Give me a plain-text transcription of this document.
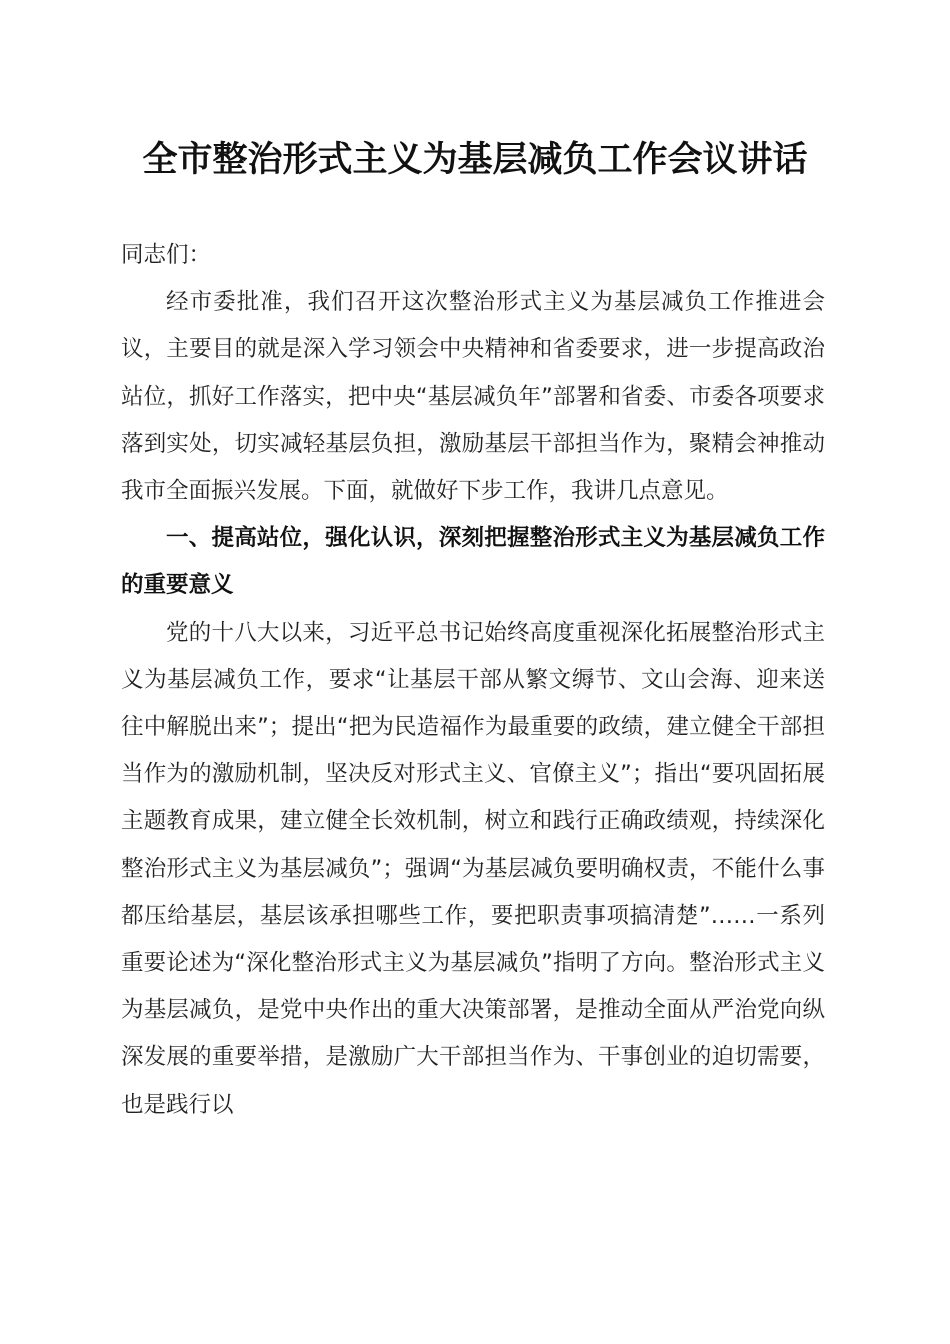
全市整治形式主义为基层减负工作会议讲话

同志们：

经市委批准，我们召开这次整治形式主义为基层减负工作推进会议，主要目的就是深入学习领会中央精神和省委要求，进一步提高政治站位，抓好工作落实，把中央“基层减负年”部署和省委、市委各项要求落到实处，切实减轻基层负担，激励基层干部担当作为，聚精会神推动我市全面振兴发展。下面，就做好下步工作，我讲几点意见。

一、提高站位，强化认识，深刻把握整治形式主义为基层减负工作的重要意义

党的十八大以来，习近平总书记始终高度重视深化拓展整治形式主义为基层减负工作，要求“让基层干部从繁文缛节、文山会海、迎来送往中解脱出来”；提出“把为民造福作为最重要的政绩，建立健全干部担当作为的激励机制，坚决反对形式主义、官僚主义”；指出“要巩固拓展主题教育成果，建立健全长效机制，树立和践行正确政绩观，持续深化整治形式主义为基层减负”；强调“为基层减负要明确权责，不能什么事都压给基层，基层该承担哪些工作，要把职责事项搞清楚”……一系列重要论述为“深化整治形式主义为基层减负”指明了方向。整治形式主义为基层减负，是党中央作出的重大决策部署，是推动全面从严治党向纵深发展的重要举措，是激励广大干部担当作为、干事创业的迫切需要，也是践行以
